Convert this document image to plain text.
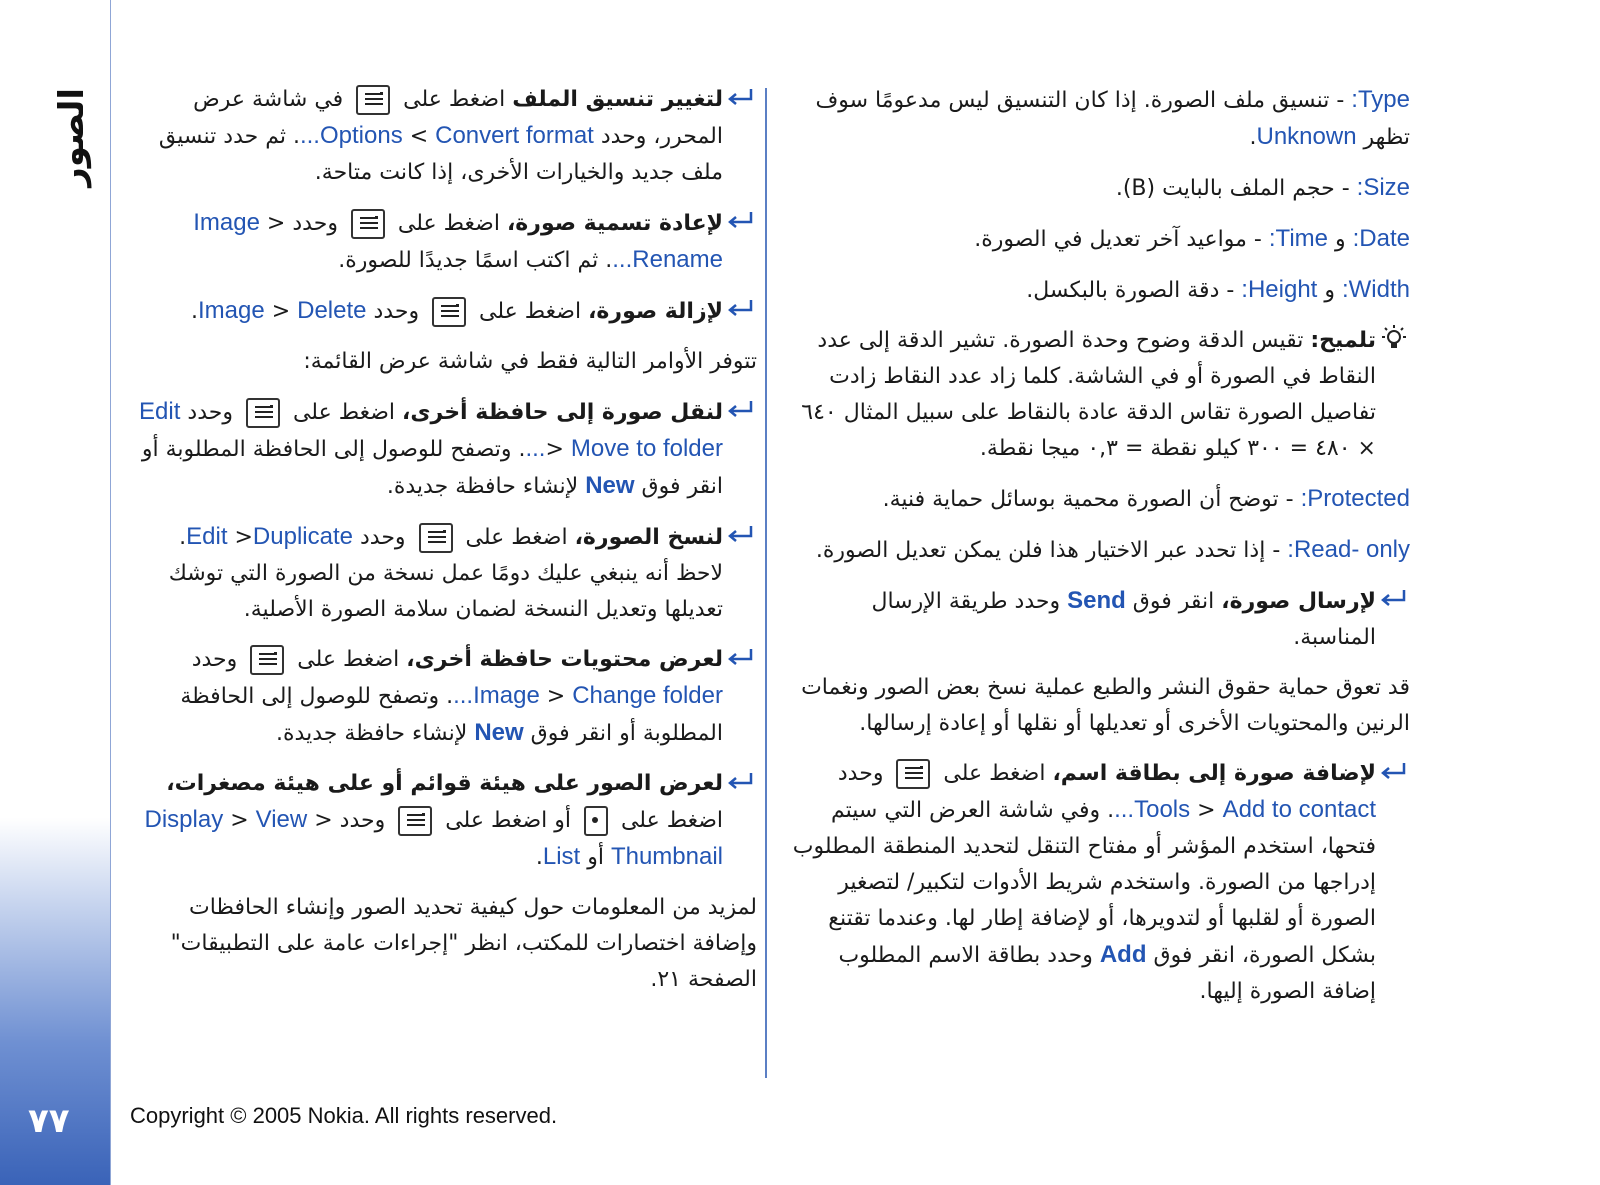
الصور
٧٧
Type: - تنسيق ملف الصورة. إذا كان التنسيق ليس مدعومًا سوف تظهر Unknown.
Size: - حجم الملف بالبايت (B).
Date: و Time: - مواعيد آخر تعديل في الصورة.
Width: و Height: - دقة الصورة بالبكسل.
تلميح: تقيس الدقة وضوح وحدة الصورة. تشير الدقة إلى عدد النقاط في الصورة أو في الشاشة. كلما زاد عدد النقاط زادت تفاصيل الصورة تقاس الدقة عادة بالنقاط على سبيل المثال ٦٤٠ × ٤٨٠ = ٣٠٠ كيلو نقطة = ٠,٣ ميجا نقطة.
Protected: - توضح أن الصورة محمية بوسائل حماية فنية.
Read- only: - إذا تحدد عبر الاختيار هذا فلن يمكن تعديل الصورة.
لإرسال صورة، انقر فوق Send وحدد طريقة الإرسال المناسبة.
قد تعوق حماية حقوق النشر والطبع عملية نسخ بعض الصور ونغمات الرنين والمحتويات الأخرى أو تعديلها أو نقلها أو إعادة إرسالها.
لإضافة صورة إلى بطاقة اسم، اضغط على
وحدد Tools > Add to contact.... وفي شاشة العرض التي سيتم فتحها، استخدم المؤشر أو مفتاح التنقل لتحديد المنطقة المطلوب إدراجها من الصورة. واستخدم شريط الأدوات لتكبير/ لتصغير الصورة أو لقلبها أو لتدويرها، أو لإضافة إطار لها. وعندما تقتنع بشكل الصورة، انقر فوق Add وحدد بطاقة الاسم المطلوب إضافة الصورة إليها.
لتغيير تنسيق الملف اضغط على
في شاشة عرض المحرر، وحدد Options < Convert format.... ثم حدد تنسيق ملف جديد والخيارات الأخرى، إذا كانت متاحة.
لإعادة تسمية صورة، اضغط على
وحدد Image > Rename.... ثم اكتب اسمًا جديدًا للصورة.
لإزالة صورة، اضغط على
وحدد Image > Delete.
تتوفر الأوامر التالية فقط في شاشة عرض القائمة:
لنقل صورة إلى حافظة أخرى، اضغط على
وحدد Edit > Move to folder.... وتصفح للوصول إلى الحافظة المطلوبة أو انقر فوق New لإنشاء حافظة جديدة.
لنسخ الصورة، اضغط على
وحدد Edit >Duplicate.
لاحظ أنه ينبغي عليك دومًا عمل نسخة من الصورة التي توشك تعديلها وتعديل النسخة لضمان سلامة الصورة الأصلية.
لعرض محتويات حافظة أخرى، اضغط على
وحدد Image > Change folder.... وتصفح للوصول إلى الحافظة المطلوبة أو انقر فوق New لإنشاء حافظة جديدة.
لعرض الصور على هيئة قوائم أو على هيئة مصغرات، اضغط على
أو اضغط على
وحدد Display > View > Thumbnail أو List.
لمزيد من المعلومات حول كيفية تحديد الصور وإنشاء الحافظات وإضافة اختصارات للمكتب، انظر "إجراءات عامة على التطبيقات" الصفحة ٢١.
Copyright © 2005 Nokia. All rights reserved.
